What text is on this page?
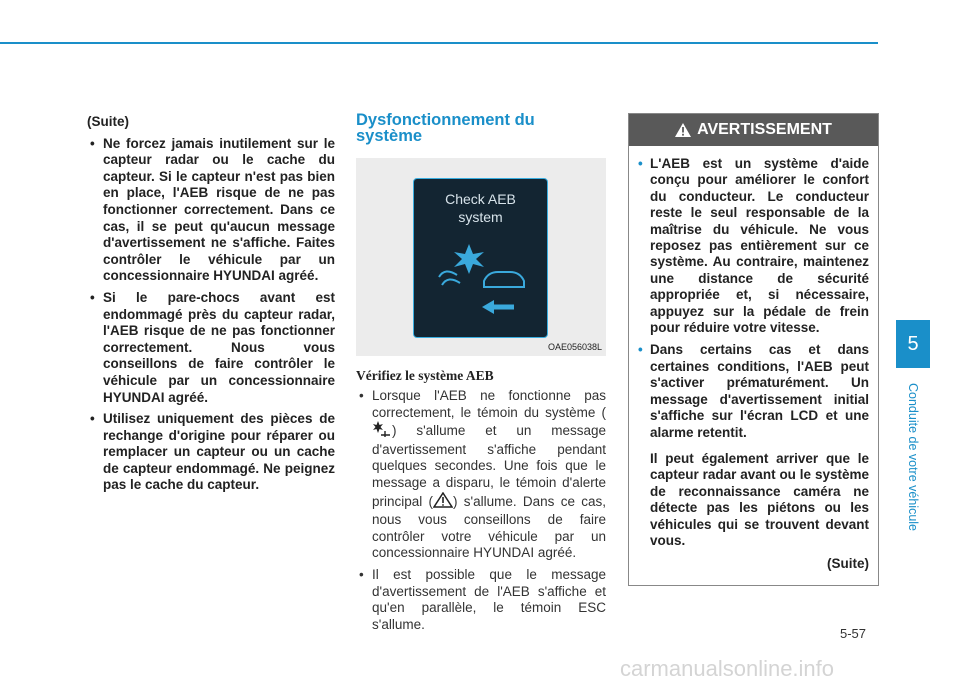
(Suite)

• Ne forcez jamais inutilement sur le capteur radar ou le cache du capteur. Si le capteur n'est pas bien en place, l'AEB risque de ne pas fonctionner correctement. Dans ce cas, il se peut qu'aucun message d'avertissement ne s'affiche. Faites contrôler le véhicule par un concessionnaire HYUNDAI agréé.
• Si le pare-chocs avant est endommagé près du capteur radar, l'AEB risque de ne pas fonctionner correctement. Nous vous conseillons de faire contrôler le véhicule par un concessionnaire HYUNDAI agréé.
• Utilisez uniquement des pièces de rechange d'origine pour réparer ou remplacer un capteur ou un cache de capteur endommagé. Ne peignez pas le cache du capteur.
Dysfonctionnement du
système
Check AEB
system
OAE056038L
Vérifiez le système AEB
• Lorsque l'AEB ne fonctionne pas correctement, le témoin du système () s'allume et un message d'avertissement s'affiche pendant quelques secondes. Une fois que le message a disparu, le témoin d'alerte principal ( ) s'allume. Dans ce cas, nous vous conseillons de faire contrôler votre véhicule par un concessionnaire HYUNDAI agréé.
• Il est possible que le message d'avertissement de l'AEB s'affiche et qu'en parallèle, le témoin ESC s'allume.
AVERTISSEMENT
• L'AEB est un système d'aide conçu pour améliorer le confort du conducteur. Le conducteur reste le seul responsable de la maîtrise du véhicule. Ne vous reposez pas entièrement sur ce système. Au contraire, maintenez une distance de sécurité appropriée et, si nécessaire, appuyez sur la pédale de frein pour réduire votre vitesse.
• Dans certains cas et dans certaines conditions, l'AEB peut s'activer prématurément. Un message d'avertissement initial s'affiche sur l'écran LCD et une alarme retentit.

Il peut également arriver que le capteur radar avant ou le système de reconnaissance caméra ne détecte pas les piétons ou les véhicules qui se trouvent devant vous.

(Suite)
5
Conduite de votre véhicule
5-57
carmanualsonline.info
